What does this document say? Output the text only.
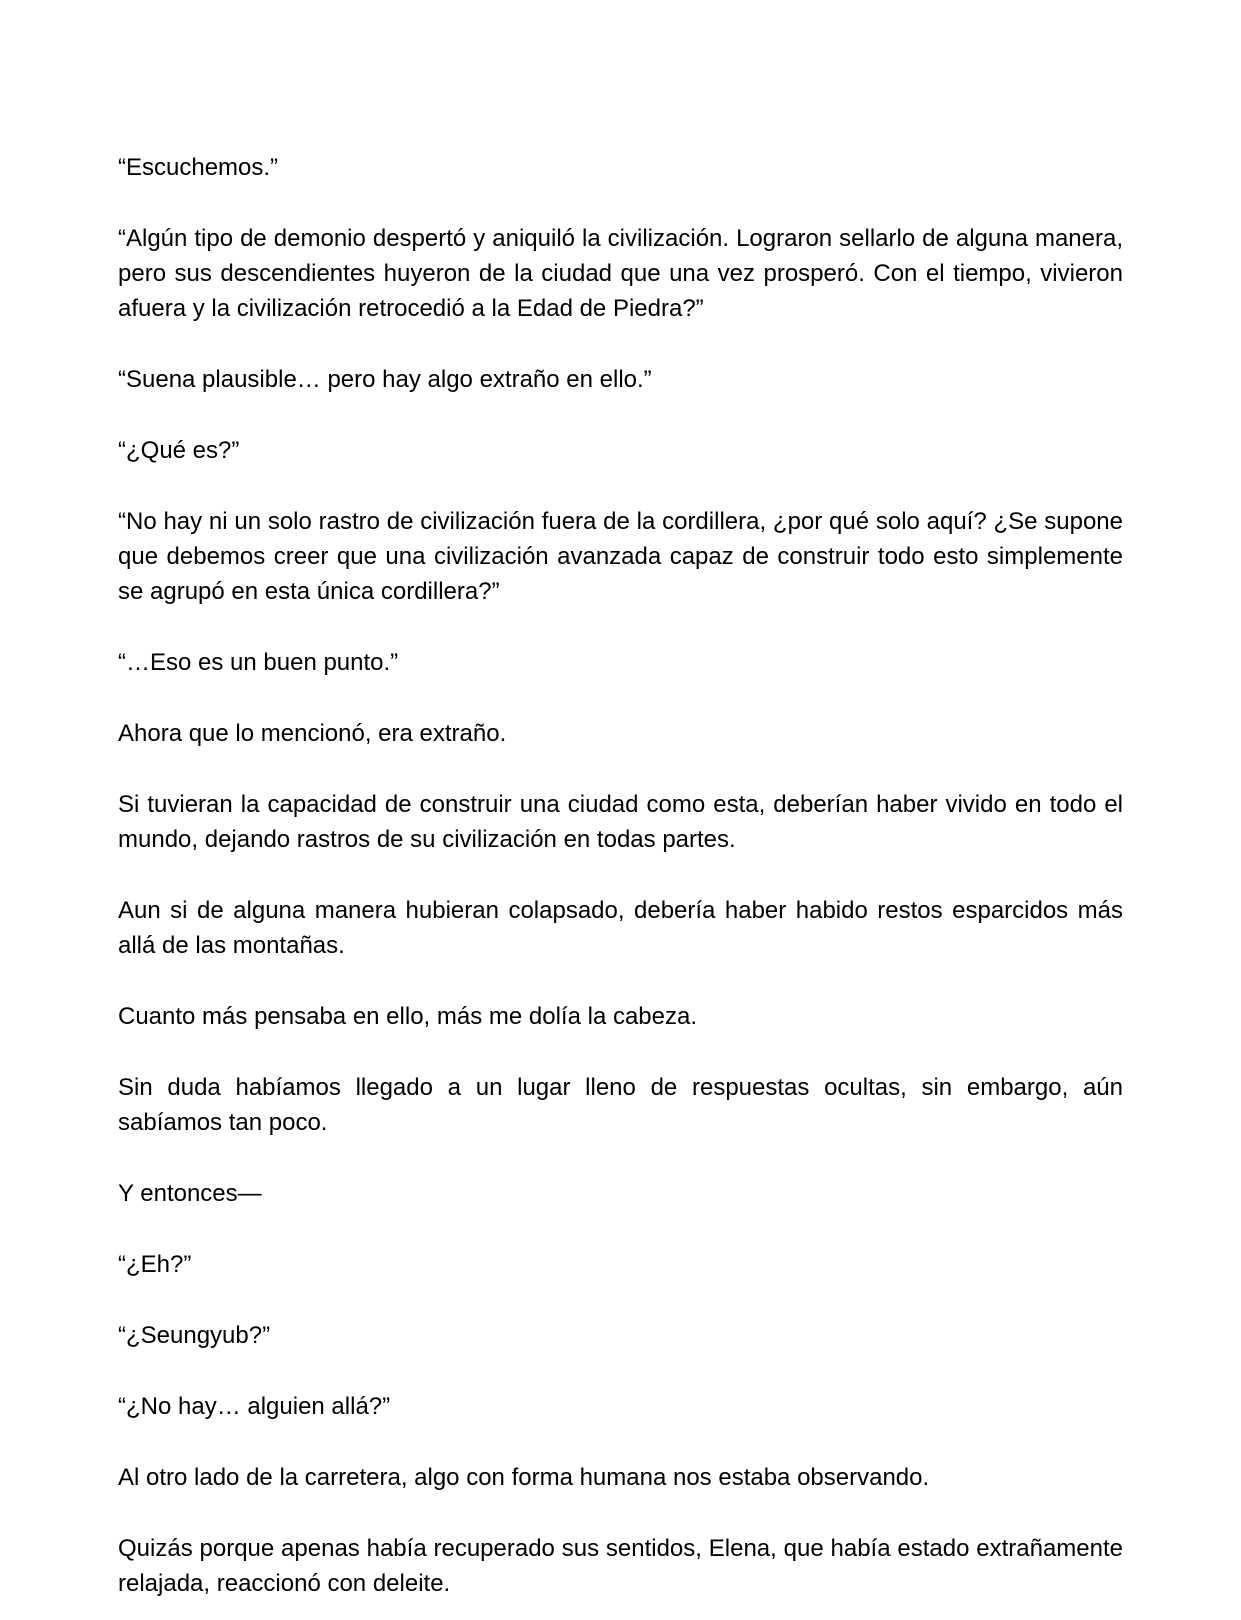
“Escuchemos.”

“Algún tipo de demonio despertó y aniquiló la civilización. Lograron sellarlo de alguna manera, pero sus descendientes huyeron de la ciudad que una vez prosperó. Con el tiempo, vivieron afuera y la civilización retrocedió a la Edad de Piedra?”

“Suena plausible… pero hay algo extraño en ello.”

“¿Qué es?”

“No hay ni un solo rastro de civilización fuera de la cordillera, ¿por qué solo aquí? ¿Se supone que debemos creer que una civilización avanzada capaz de construir todo esto simplemente se agrupó en esta única cordillera?”

“…Eso es un buen punto.”

Ahora que lo mencionó, era extraño.

Si tuvieran la capacidad de construir una ciudad como esta, deberían haber vivido en todo el mundo, dejando rastros de su civilización en todas partes.

Aun si de alguna manera hubieran colapsado, debería haber habido restos esparcidos más allá de las montañas.

Cuanto más pensaba en ello, más me dolía la cabeza.

Sin duda habíamos llegado a un lugar lleno de respuestas ocultas, sin embargo, aún sabíamos tan poco.

Y entonces—

“¿Eh?”

“¿Seungyub?”

“¿No hay… alguien allá?”

Al otro lado de la carretera, algo con forma humana nos estaba observando.

Quizás porque apenas había recuperado sus sentidos, Elena, que había estado extrañamente relajada, reaccionó con deleite.
